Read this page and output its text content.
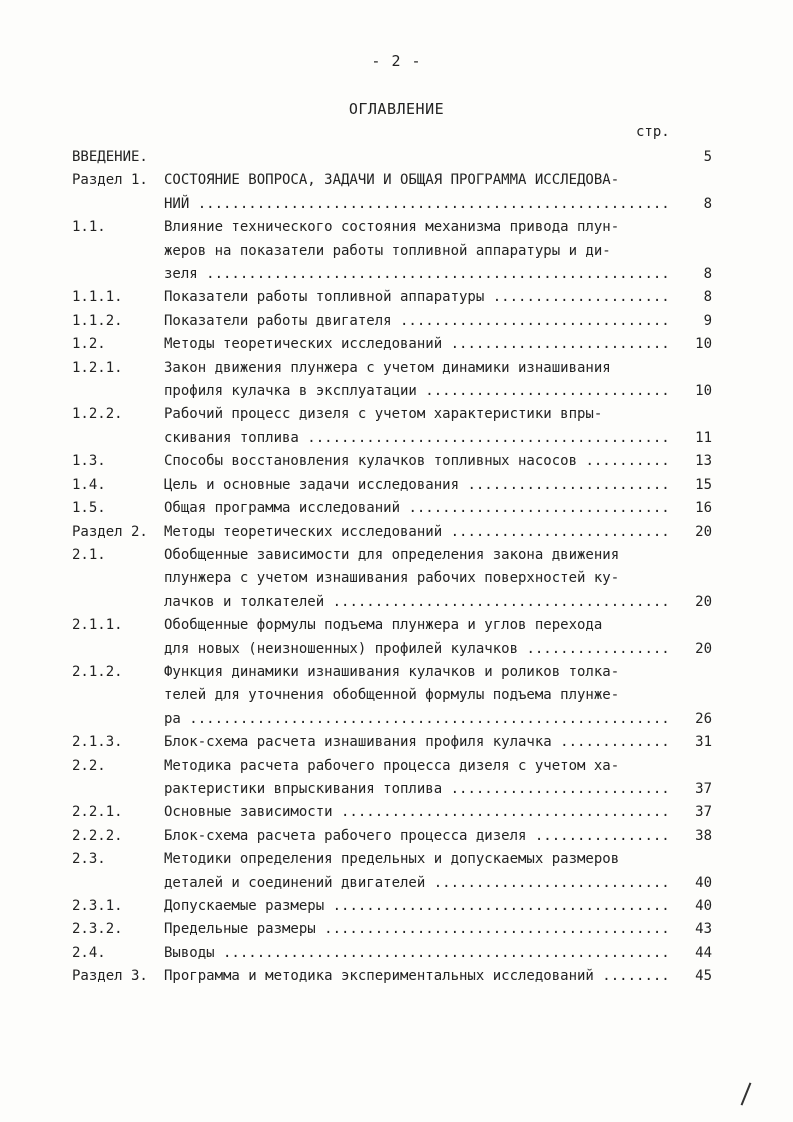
- 2 -
ОГЛАВЛЕНИЕ
стр.
ВВЕДЕНИЕ.	5
Раздел 1. СОСТОЯНИЕ ВОПРОСА, ЗАДАЧИ И ОБЩАЯ ПРОГРАММА ИССЛЕДОВА-
НИЙ .....	8
1.1.	Влияние технического состояния механизма привода плун-
жеров на показатели работы топливной аппаратуры и ди-
зеля .....	8
1.1.1.	Показатели работы топливной аппаратуры .....	8
1.1.2.	Показатели работы двигателя .....	9
1.2.	Методы теоретических исследований .....	10
1.2.1.	Закон движения плунжера с учетом динамики изнашивания
профиля кулачка в эксплуатации .....	10
1.2.2.	Рабочий процесс дизеля с учетом характеристики впры-
скивания топлива .....	11
1.3.	Способы восстановления кулачков топливных насосов .....	13
1.4.	Цель и основные задачи исследования .....	15
1.5.	Общая программа исследований .....	16
Раздел 2. Методы теоретических исследований .....	20
2.1.	Обобщенные зависимости для определения закона движения
плунжера с учетом изнашивания рабочих поверхностей ку-
лачков и толкателей .....	20
2.1.1.	Обобщенные формулы подъема плунжера и углов перехода
для новых (неизношенных) профилей кулачков .....	20
2.1.2.	Функция динамики изнашивания кулачков и роликов толка-
телей для уточнения обобщенной формулы подъема плунже-
ра .....	26
2.1.3.	Блок-схема расчета изнашивания профиля кулачка .....	31
2.2.	Методика расчета рабочего процесса дизеля с учетом ха-
рактеристики впрыскивания топлива .....	37
2.2.1.	Основные зависимости .....	37
2.2.2.	Блок-схема расчета рабочего процесса дизеля .....	38
2.3.	Методики определения предельных и допускаемых размеров
деталей и соединений двигателей .....	40
2.3.1.	Допускаемые размеры .....	40
2.3.2.	Предельные размеры .....	43
2.4.	Выводы .....	44
Раздел 3. Программа и методика экспериментальных исследований .....	45
